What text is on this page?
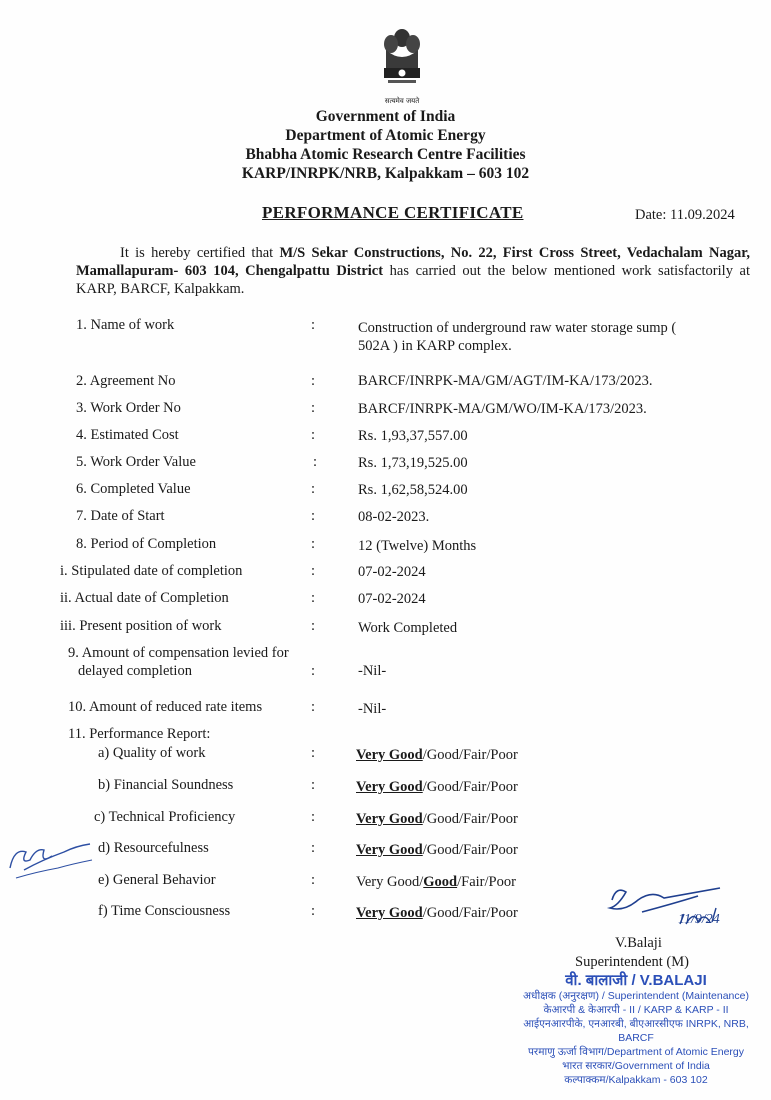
सत्यमेव जयते
Government of India
Department of Atomic Energy
Bhabha Atomic Research Centre Facilities
KARP/INRPK/NRB, Kalpakkam – 603 102
PERFORMANCE CERTIFICATE	Date: 11.09.2024
It is hereby certified that M/S Sekar Constructions, No. 22, First Cross Street, Vedachalam Nagar, Mamallapuram- 603 104, Chengalpattu District has carried out the below mentioned work satisfactorily at KARP, BARCF, Kalpakkam.
1. Name of work	:	Construction of underground raw water storage sump ( 502A ) in KARP complex.
2. Agreement No	:	BARCF/INRPK-MA/GM/AGT/IM-KA/173/2023.
3. Work Order No	:	BARCF/INRPK-MA/GM/WO/IM-KA/173/2023.
4. Estimated Cost	:	Rs. 1,93,37,557.00
5. Work Order Value	:	Rs. 1,73,19,525.00
6. Completed Value	:	Rs. 1,62,58,524.00
7. Date of Start	:	08-02-2023.
8. Period of Completion	:	12 (Twelve) Months
i. Stipulated date of completion	:	07-02-2024
ii. Actual date of Completion	:	07-02-2024
iii. Present position of work	:	Work Completed
9. Amount of compensation levied for delayed completion	:	-Nil-
10. Amount of reduced rate items	:	-Nil-
11. Performance Report:
a) Quality of work	:	Very Good/Good/Fair/Poor
b) Financial Soundness	:	Very Good/Good/Fair/Poor
c) Technical Proficiency	:	Very Good/Good/Fair/Poor
d) Resourcefulness	:	Very Good/Good/Fair/Poor
e) General Behavior	:	Very Good/Good/Fair/Poor
f) Time Consciousness	:	Very Good/Good/Fair/Poor	11/9/24
V.Balaji
Superintendent (M)
वी. बालाजी / V.BALAJI
अधीक्षक (अनुरक्षण) / Superintendent (Maintenance)
केआरपी & केआरपी - II / KARP & KARP - II
आईएनआरपीके, एनआरबी, बीएआरसीएफ INRPK, NRB, BARCF
परमाणु ऊर्जा विभाग/Department of Atomic Energy
भारत सरकार/Government of India
कल्पाक्कम/Kalpakkam - 603 102
